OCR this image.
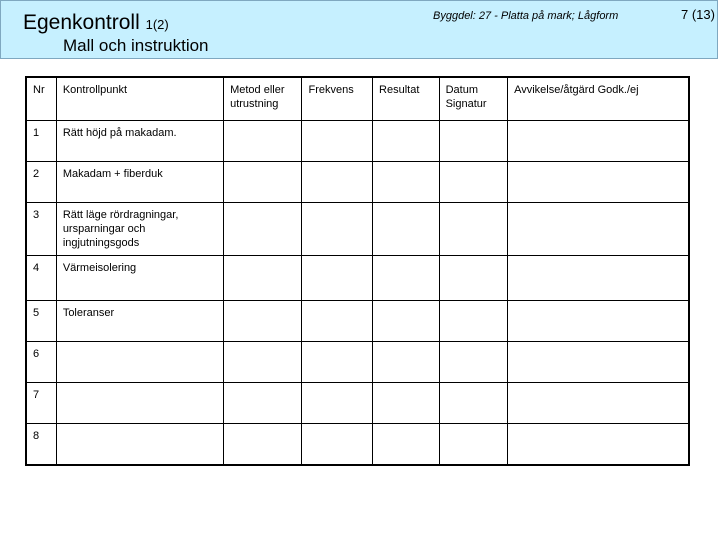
Egenkontroll 1(2)
Mall och instruktion
Byggdel: 27 - Platta på mark; Lågform	7 (13)
Nr	Kontrollpunkt	Metod eller utrustning	Frekvens	Resultat	Datum Signatur	Avvikelse/åtgärd Godk./ej
1	Rätt höjd på makadam.					
2	Makadam + fiberduk					
3	Rätt läge rördragningar, ursparningar och ingjutningsgods					
4	Värmeisolering					
5	Toleranser					
6						
7						
8						
